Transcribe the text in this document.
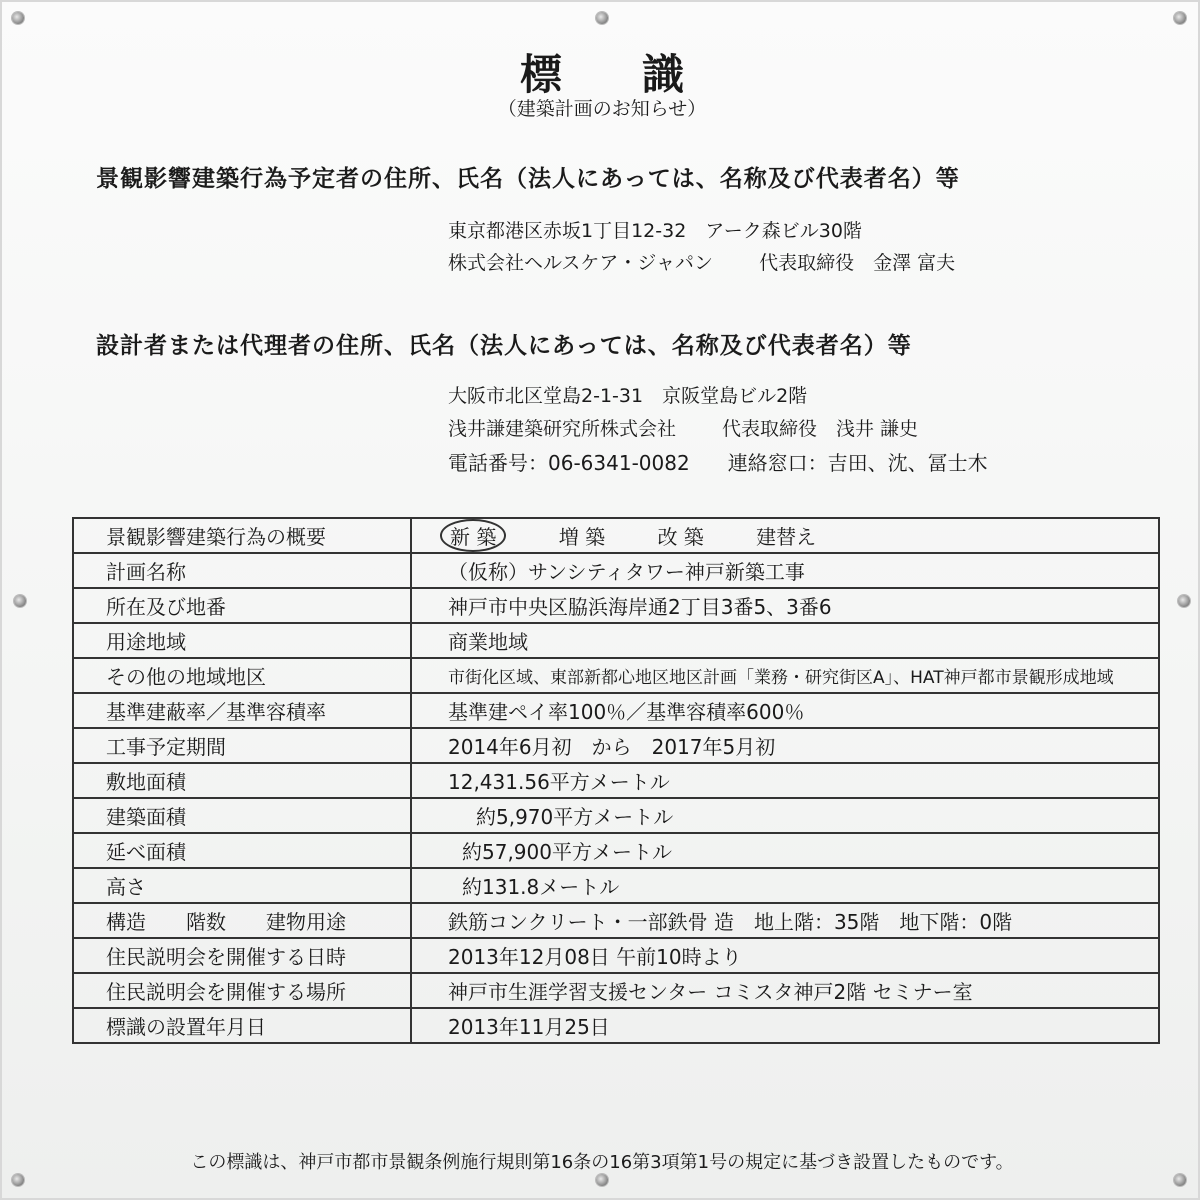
標 識
（建築計画のお知らせ）
景観影響建築行為予定者の住所、氏名（法人にあっては、名称及び代表者名）等
東京都港区赤坂1丁目12-32　アーク森ビル30階
株式会社ヘルスケア・ジャパン 代表取締役　金澤 富夫
設計者または代理者の住所、氏名（法人にあっては、名称及び代表者名）等
大阪市北区堂島2-1-31　京阪堂島ビル2階
浅井謙建築研究所株式会社 代表取締役　浅井 謙史
電話番号：06-6341-0082 連絡窓口：吉田、沈、冨士木
景観影響建築行為の概要	新 築 増 築 改 築 建替え
計画名称	（仮称）サンシティタワー神戸新築工事
所在及び地番	神戸市中央区脇浜海岸通2丁目3番5、3番6
用途地域	商業地域
その他の地域地区	市街化区域、東部新都心地区地区計画「業務・研究街区A」、HAT神戸都市景観形成地域
基準建蔽率／基準容積率	基準建ペイ率100％／基準容積率600％
工事予定期間	2014年6月初　から　2017年5月初
敷地面積	12,431.56平方メートル
建築面積	約5,970平方メートル
延べ面積	約57,900平方メートル
高さ	約131.8メートル
構造　　階数　　建物用途	鉄筋コンクリート・一部鉄骨 造　地上階：35階　地下階：0階
住民説明会を開催する日時	2013年12月08日 午前10時より
住民説明会を開催する場所	神戸市生涯学習支援センター コミスタ神戸2階 セミナー室
標識の設置年月日	2013年11月25日
この標識は、神戸市都市景観条例施行規則第16条の16第3項第1号の規定に基づき設置したものです。
